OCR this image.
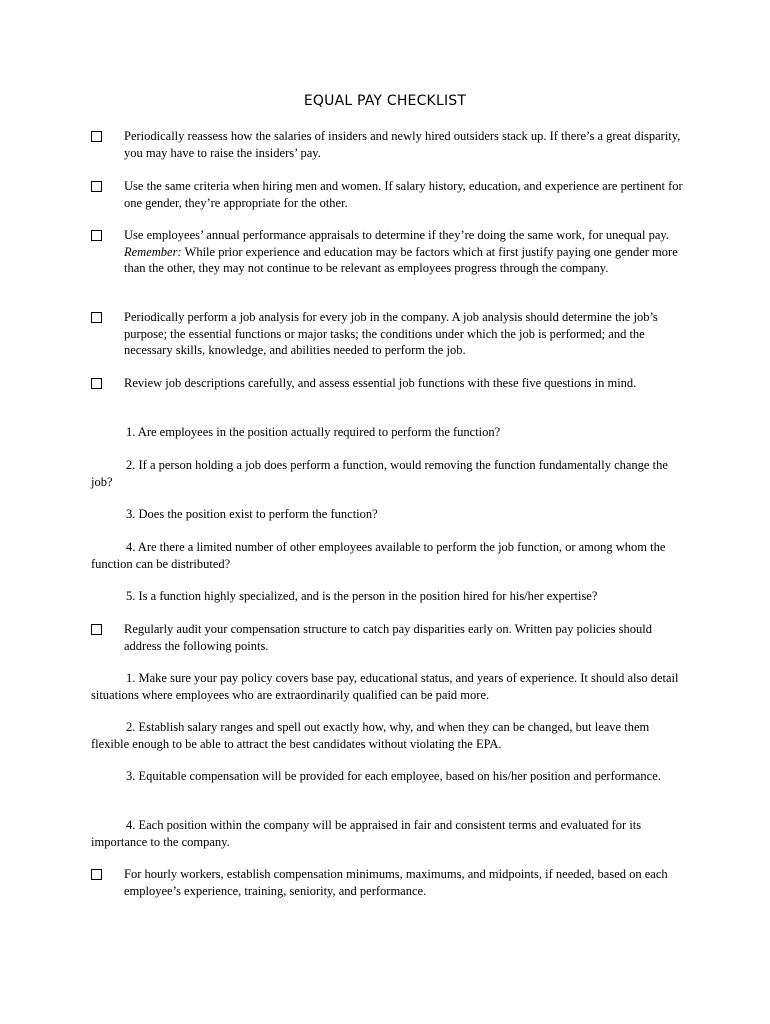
EQUAL PAY CHECKLIST
Periodically reassess how the salaries of insiders and newly hired outsiders stack up. If there’s a great disparity, you may have to raise the insiders’ pay.
Use the same criteria when hiring men and women. If salary history, education, and experience are pertinent for one gender, they’re appropriate for the other.
Use employees’ annual performance appraisals to determine if they’re doing the same work, for unequal pay. Remember: While prior experience and education may be factors which at first justify paying one gender more than the other, they may not continue to be relevant as employees progress through the company.
Periodically perform a job analysis for every job in the company. A job analysis should determine the job’s purpose; the essential functions or major tasks; the conditions under which the job is performed; and the necessary skills, knowledge, and abilities needed to perform the job.
Review job descriptions carefully, and assess essential job functions with these five questions in mind.
1. Are employees in the position actually required to perform the function?
2. If a person holding a job does perform a function, would removing the function fundamentally change the job?
3. Does the position exist to perform the function?
4. Are there a limited number of other employees available to perform the job function, or among whom the function can be distributed?
5. Is a function highly specialized, and is the person in the position hired for his/her expertise?
Regularly audit your compensation structure to catch pay disparities early on. Written pay policies should address the following points.
1. Make sure your pay policy covers base pay, educational status, and years of experience. It should also detail situations where employees who are extraordinarily qualified can be paid more.
2. Establish salary ranges and spell out exactly how, why, and when they can be changed, but leave them flexible enough to be able to attract the best candidates without violating the EPA.
3. Equitable compensation will be provided for each employee, based on his/her position and performance.
4. Each position within the company will be appraised in fair and consistent terms and evaluated for its importance to the company.
For hourly workers, establish compensation minimums, maximums, and midpoints, if needed, based on each employee’s experience, training, seniority, and performance.
